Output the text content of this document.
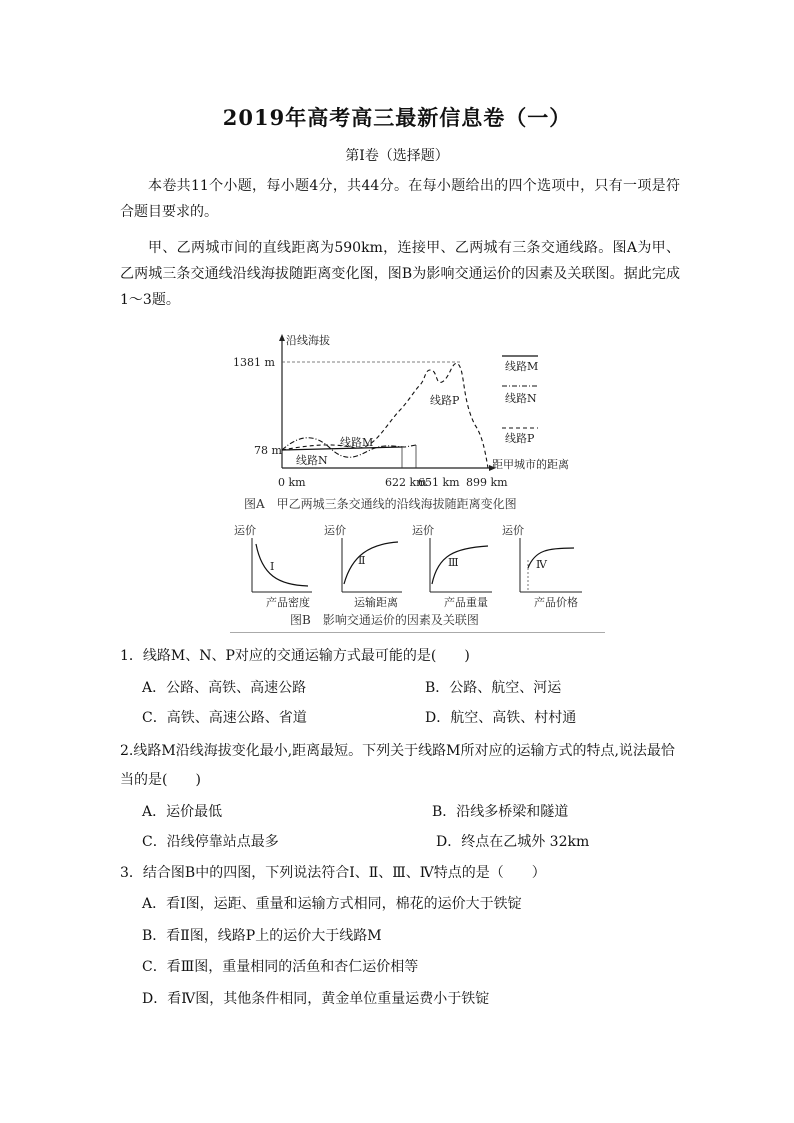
2019年高考高三最新信息卷（一）
第Ⅰ卷（选择题）
本卷共11个小题，每小题4分，共44分。在每小题给出的四个选项中，只有一项是符合题目要求的。
甲、乙两城市间的直线距离为590km，连接甲、乙两城有三条交通线路。图A为甲、乙两城三条交通线沿线海拔随距离变化图，图B为影响交通运价的因素及关联图。据此完成1～3题。
沿线海拔
距甲城市的距离
1381 m
78 m
0 km	622 km
651 km 899 km
线路M
线路N
线路P
线路M
线路N
线路P
图A　甲乙两城三条交通线的沿线海拔随距离变化图
运价
Ⅰ
产品密度
运价
Ⅱ
运输距离
运价
Ⅲ
产品重量
运价
Ⅳ
产品价格
图B　影响交通运价的因素及关联图
1．线路M、N、P对应的交通运输方式最可能的是(　　)
A．公路、高铁、高速公路	B．公路、航空、河运
C．高铁、高速公路、省道	D．航空、高铁、村村通
2.线路M沿线海拔变化最小,距离最短。下列关于线路M所对应的运输方式的特点,说法最恰当的是(　　)
A．运价最低	B．沿线多桥梁和隧道
C．沿线停靠站点最多	D．终点在乙城外 32km
3．结合图B中的四图，下列说法符合Ⅰ、Ⅱ、Ⅲ、Ⅳ特点的是（　　）
A．看Ⅰ图，运距、重量和运输方式相同，棉花的运价大于铁锭
B．看Ⅱ图，线路P上的运价大于线路M
C．看Ⅲ图，重量相同的活鱼和杏仁运价相等
D．看Ⅳ图，其他条件相同，黄金单位重量运费小于铁锭
